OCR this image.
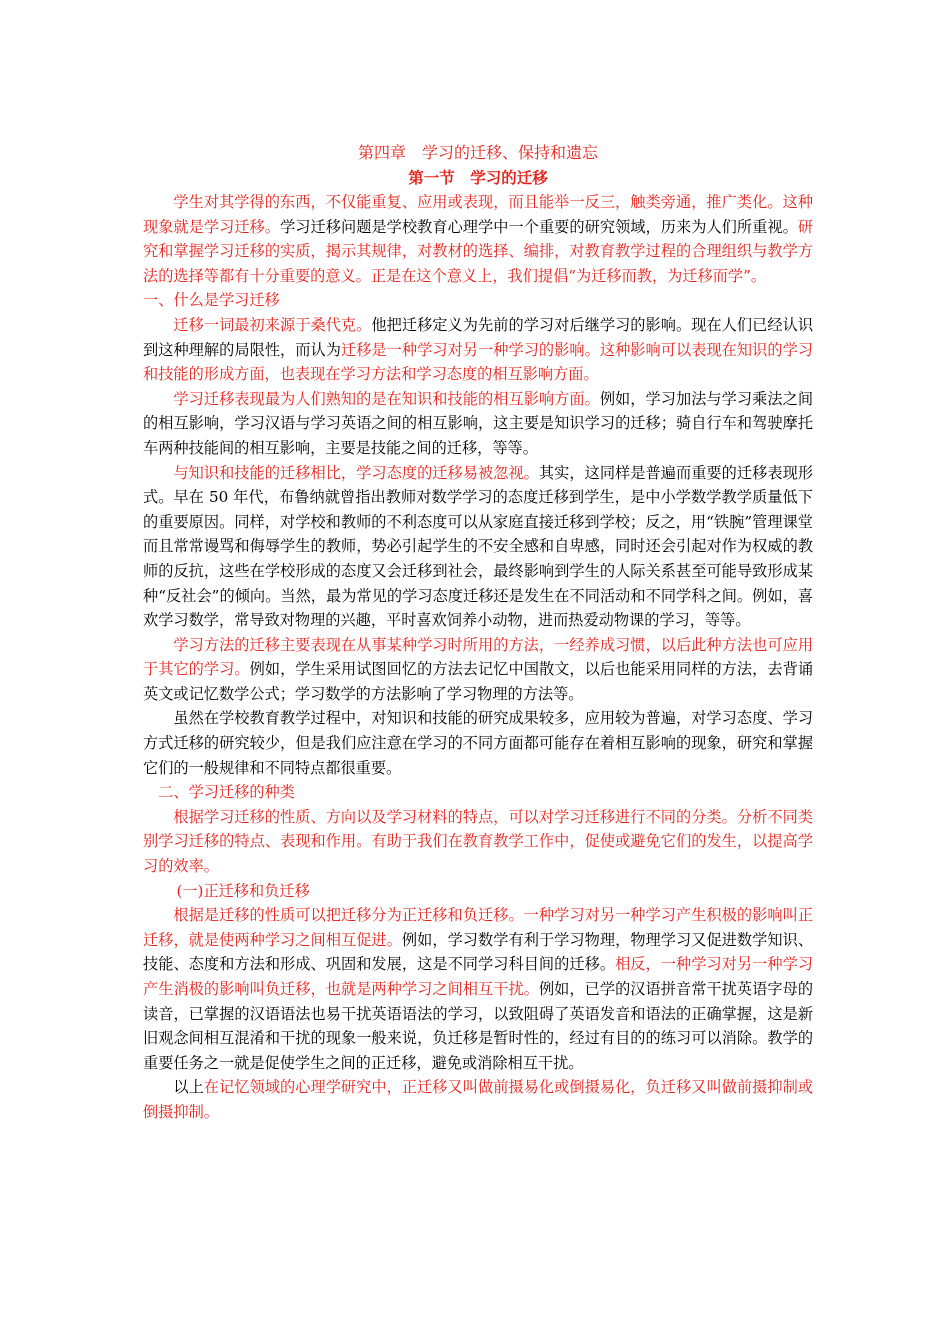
第四章　学习的迁移、保持和遗忘

第一节　学习的迁移

学生对其学得的东西，不仅能重复、应用或表现，而且能举一反三，触类旁通，推广类化。这种现象就是学习迁移。学习迁移问题是学校教育心理学中一个重要的研究领域，历来为人们所重视。研究和掌握学习迁移的实质，揭示其规律，对教材的选择、编排，对教育教学过程的合理组织与教学方法的选择等都有十分重要的意义。正是在这个意义上，我们提倡“为迁移而教，为迁移而学”。

一、什么是学习迁移

迁移一词最初来源于桑代克。他把迁移定义为先前的学习对后继学习的影响。现在人们已经认识到这种理解的局限性，而认为迁移是一种学习对另一种学习的影响。这种影响可以表现在知识的学习和技能的形成方面，也表现在学习方法和学习态度的相互影响方面。

学习迁移表现最为人们熟知的是在知识和技能的相互影响方面。例如，学习加法与学习乘法之间的相互影响，学习汉语与学习英语之间的相互影响，这主要是知识学习的迁移；骑自行车和驾驶摩托车两种技能间的相互影响，主要是技能之间的迁移，等等。

与知识和技能的迁移相比，学习态度的迁移易被忽视。其实，这同样是普遍而重要的迁移表现形式。早在 50 年代，布鲁纳就曾指出教师对数学学习的态度迁移到学生，是中小学数学教学质量低下的重要原因。同样，对学校和教师的不利态度可以从家庭直接迁移到学校；反之，用“铁腕”管理课堂而且常常谩骂和侮辱学生的教师，势必引起学生的不安全感和自卑感，同时还会引起对作为权威的教师的反抗，这些在学校形成的态度又会迁移到社会，最终影响到学生的人际关系甚至可能导致形成某种“反社会”的倾向。当然，最为常见的学习态度迁移还是发生在不同活动和不同学科之间。例如，喜欢学习数学，常导致对物理的兴趣，平时喜欢饲养小动物，进而热爱动物课的学习，等等。

学习方法的迁移主要表现在从事某种学习时所用的方法，一经养成习惯，以后此种方法也可应用于其它的学习。例如，学生采用试图回忆的方法去记忆中国散文，以后也能采用同样的方法，去背诵英文或记忆数学公式；学习数学的方法影响了学习物理的方法等。

虽然在学校教育教学过程中，对知识和技能的研究成果较多，应用较为普遍，对学习态度、学习方式迁移的研究较少，但是我们应注意在学习的不同方面都可能存在着相互影响的现象，研究和掌握它们的一般规律和不同特点都很重要。

二、学习迁移的种类

根据学习迁移的性质、方向以及学习材料的特点，可以对学习迁移进行不同的分类。分析不同类别学习迁移的特点、表现和作用。有助于我们在教育教学工作中，促使或避免它们的发生，以提高学习的效率。

(一)正迁移和负迁移

根据是迁移的性质可以把迁移分为正迁移和负迁移。一种学习对另一种学习产生积极的影响叫正迁移，就是使两种学习之间相互促进。例如，学习数学有利于学习物理，物理学习又促进数学知识、技能、态度和方法和形成、巩固和发展，这是不同学习科目间的迁移。相反，一种学习对另一种学习产生消极的影响叫负迁移，也就是两种学习之间相互干扰。例如，已学的汉语拼音常干扰英语字母的读音，已掌握的汉语语法也易干扰英语语法的学习，以致阻碍了英语发音和语法的正确掌握，这是新旧观念间相互混淆和干扰的现象一般来说，负迁移是暂时性的，经过有目的的练习可以消除。教学的重要任务之一就是促使学生之间的正迁移，避免或消除相互干扰。

以上在记忆领域的心理学研究中，正迁移又叫做前摄易化或倒摄易化，负迁移又叫做前摄抑制或倒摄抑制。
